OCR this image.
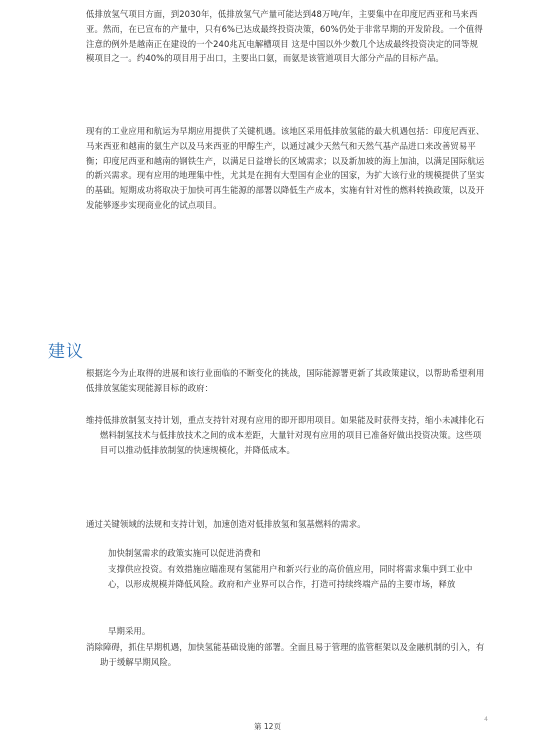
低排放氢气项目方面，到2030年，低排放氢气产量可能达到48万吨/年，主要集中在印度尼西亚和马来西亚。然而，在已宣布的产量中，只有6%已达成最终投资决策，60%仍处于非常早期的开发阶段。一个值得注意的例外是越南正在建设的一个240兆瓦电解槽项目 这是中国以外少数几个达成最终投资决定的同等规模项目之一。约40%的项目用于出口，主要出口氨，而氨是该管道项目大部分产品的目标产品。
现有的工业应用和航运为早期应用提供了关键机遇。该地区采用低排放氢能的最大机遇包括：印度尼西亚、马来西亚和越南的氨生产以及马来西亚的甲醇生产，以通过减少天然气和天然气基产品进口来改善贸易平衡；印度尼西亚和越南的钢铁生产，以满足日益增长的区域需求；以及新加坡的海上加油，以满足国际航运的新兴需求。现有应用的地理集中性，尤其是在拥有大型国有企业的国家，为扩大该行业的规模提供了坚实的基础。短期成功将取决于加快可再生能源的部署以降低生产成本，实施有针对性的燃料转换政策，以及开发能够逐步实现商业化的试点项目。
建议
根据迄今为止取得的进展和该行业面临的不断变化的挑战，国际能源署更新了其政策建议，以帮助希望利用低排放氢能实现能源目标的政府：
维持低排放制氢支持计划，重点支持针对现有应用的即开即用项目。如果能及时获得支持，缩小未减排化石燃料制氢技术与低排放技术之间的成本差距，大量针对现有应用的项目已准备好做出投资决策。这些项目可以推动低排放制氢的快速规模化，并降低成本。
通过关键领域的法规和支持计划，加速创造对低排放氢和氢基燃料的需求。
加快制氢需求的政策实施可以促进消费和
支撑供应投资。有效措施应瞄准现有氢能用户和新兴行业的高价值应用，同时将需求集中到工业中心，以形成规模并降低风险。政府和产业界可以合作，打造可持续终端产品的主要市场，释放
早期采用。
消除障碍，抓住早期机遇，加快氢能基础设施的部署。全面且易于管理的监管框架以及金融机制的引入，有助于缓解早期风险。
第 12页
4
